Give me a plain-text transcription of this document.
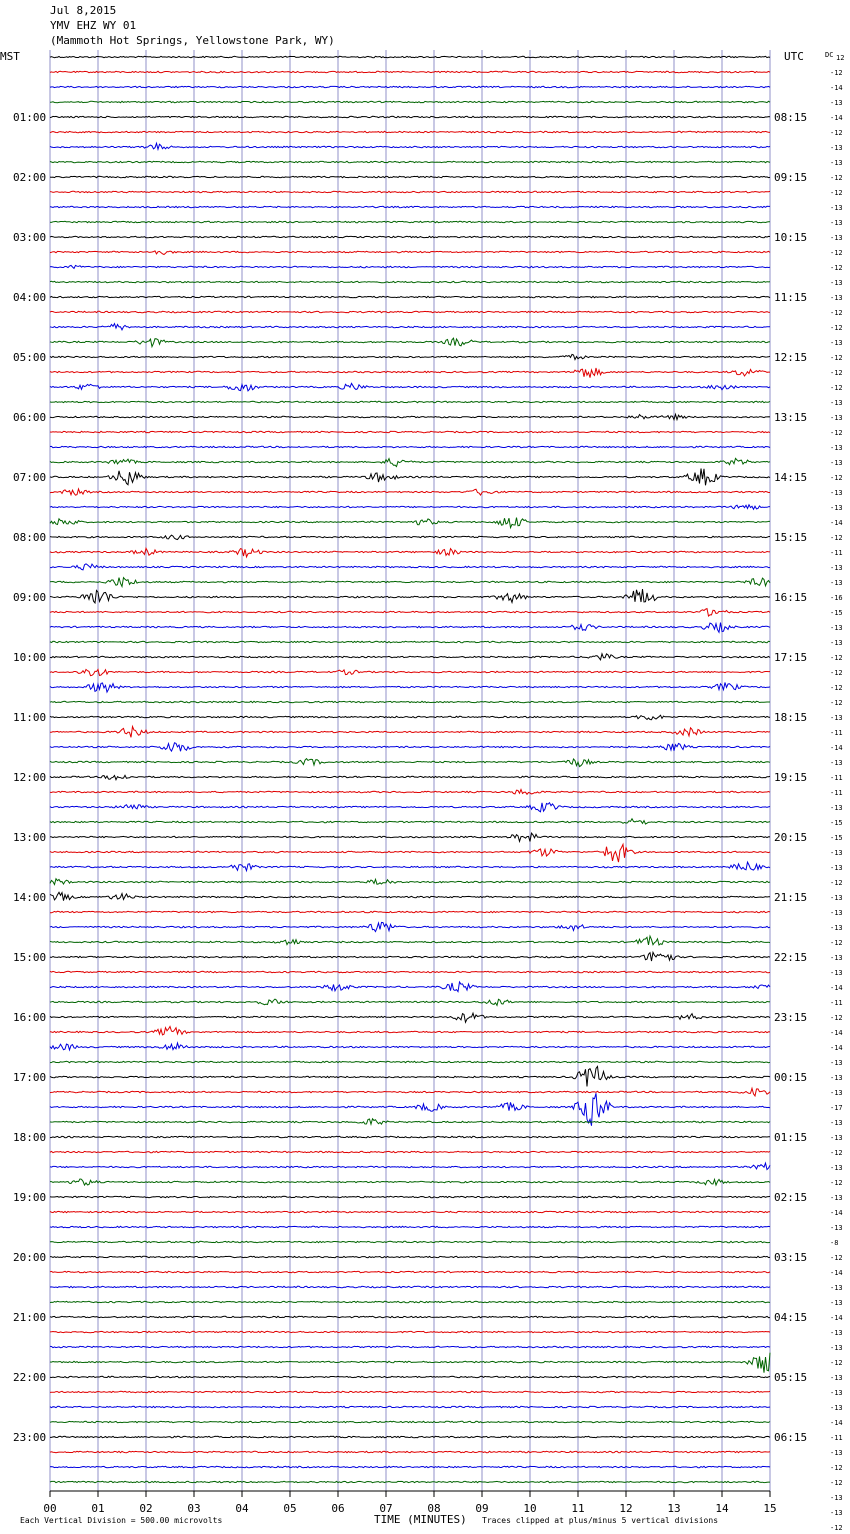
Jul 8,2015
YMV EHZ WY 01
(Mammoth Hot Springs, Yellowstone Park, WY)
MST	UTC	DC
01:00
02:00
03:00
04:00
05:00
06:00
07:00
08:00
09:00
10:00
11:00
12:00
13:00
14:00
15:00
16:00
17:00
18:00
19:00
20:00
21:00
22:00
23:00
08:15
09:15
10:15
11:15
12:15
13:15
14:15
15:15
16:15
17:15
18:15
19:15
20:15
21:15
22:15
23:15
00:15
01:15
02:15
03:15
04:15
05:15
06:15
12
-12
-14
-13
-14
-12
-13
-13
-12
-12
-13
-13
-13
-12
-12
-13
-13
-12
-12
-13
-12
-12
-12
-13
-13
-12
-13
-13
-12
-13
-13
-14
-12
-11
-13
-13
-16
-15
-13
-13
-12
-12
-12
-12
-13
-11
-14
-13
-11
-11
-13
-15
-15
-13
-13
-12
-13
-13
-13
-12
-13
-13
-14
-11
-12
-14
-14
-13
-13
-13
-17
-13
-13
-12
-13
-12
-13
-14
-13
-8
-12
-14
-13
-13
-14
-13
-13
-12
-13
-13
-13
-14
-11
-13
-12
-12
-13
-13
-12
00	01	02	03	04	05	06	07	08	09	10	11	12	13	14	15
Each Vertical Division = 500.00 microvolts	TIME (MINUTES) Traces clipped at plus/minus 5 vertical divisions
